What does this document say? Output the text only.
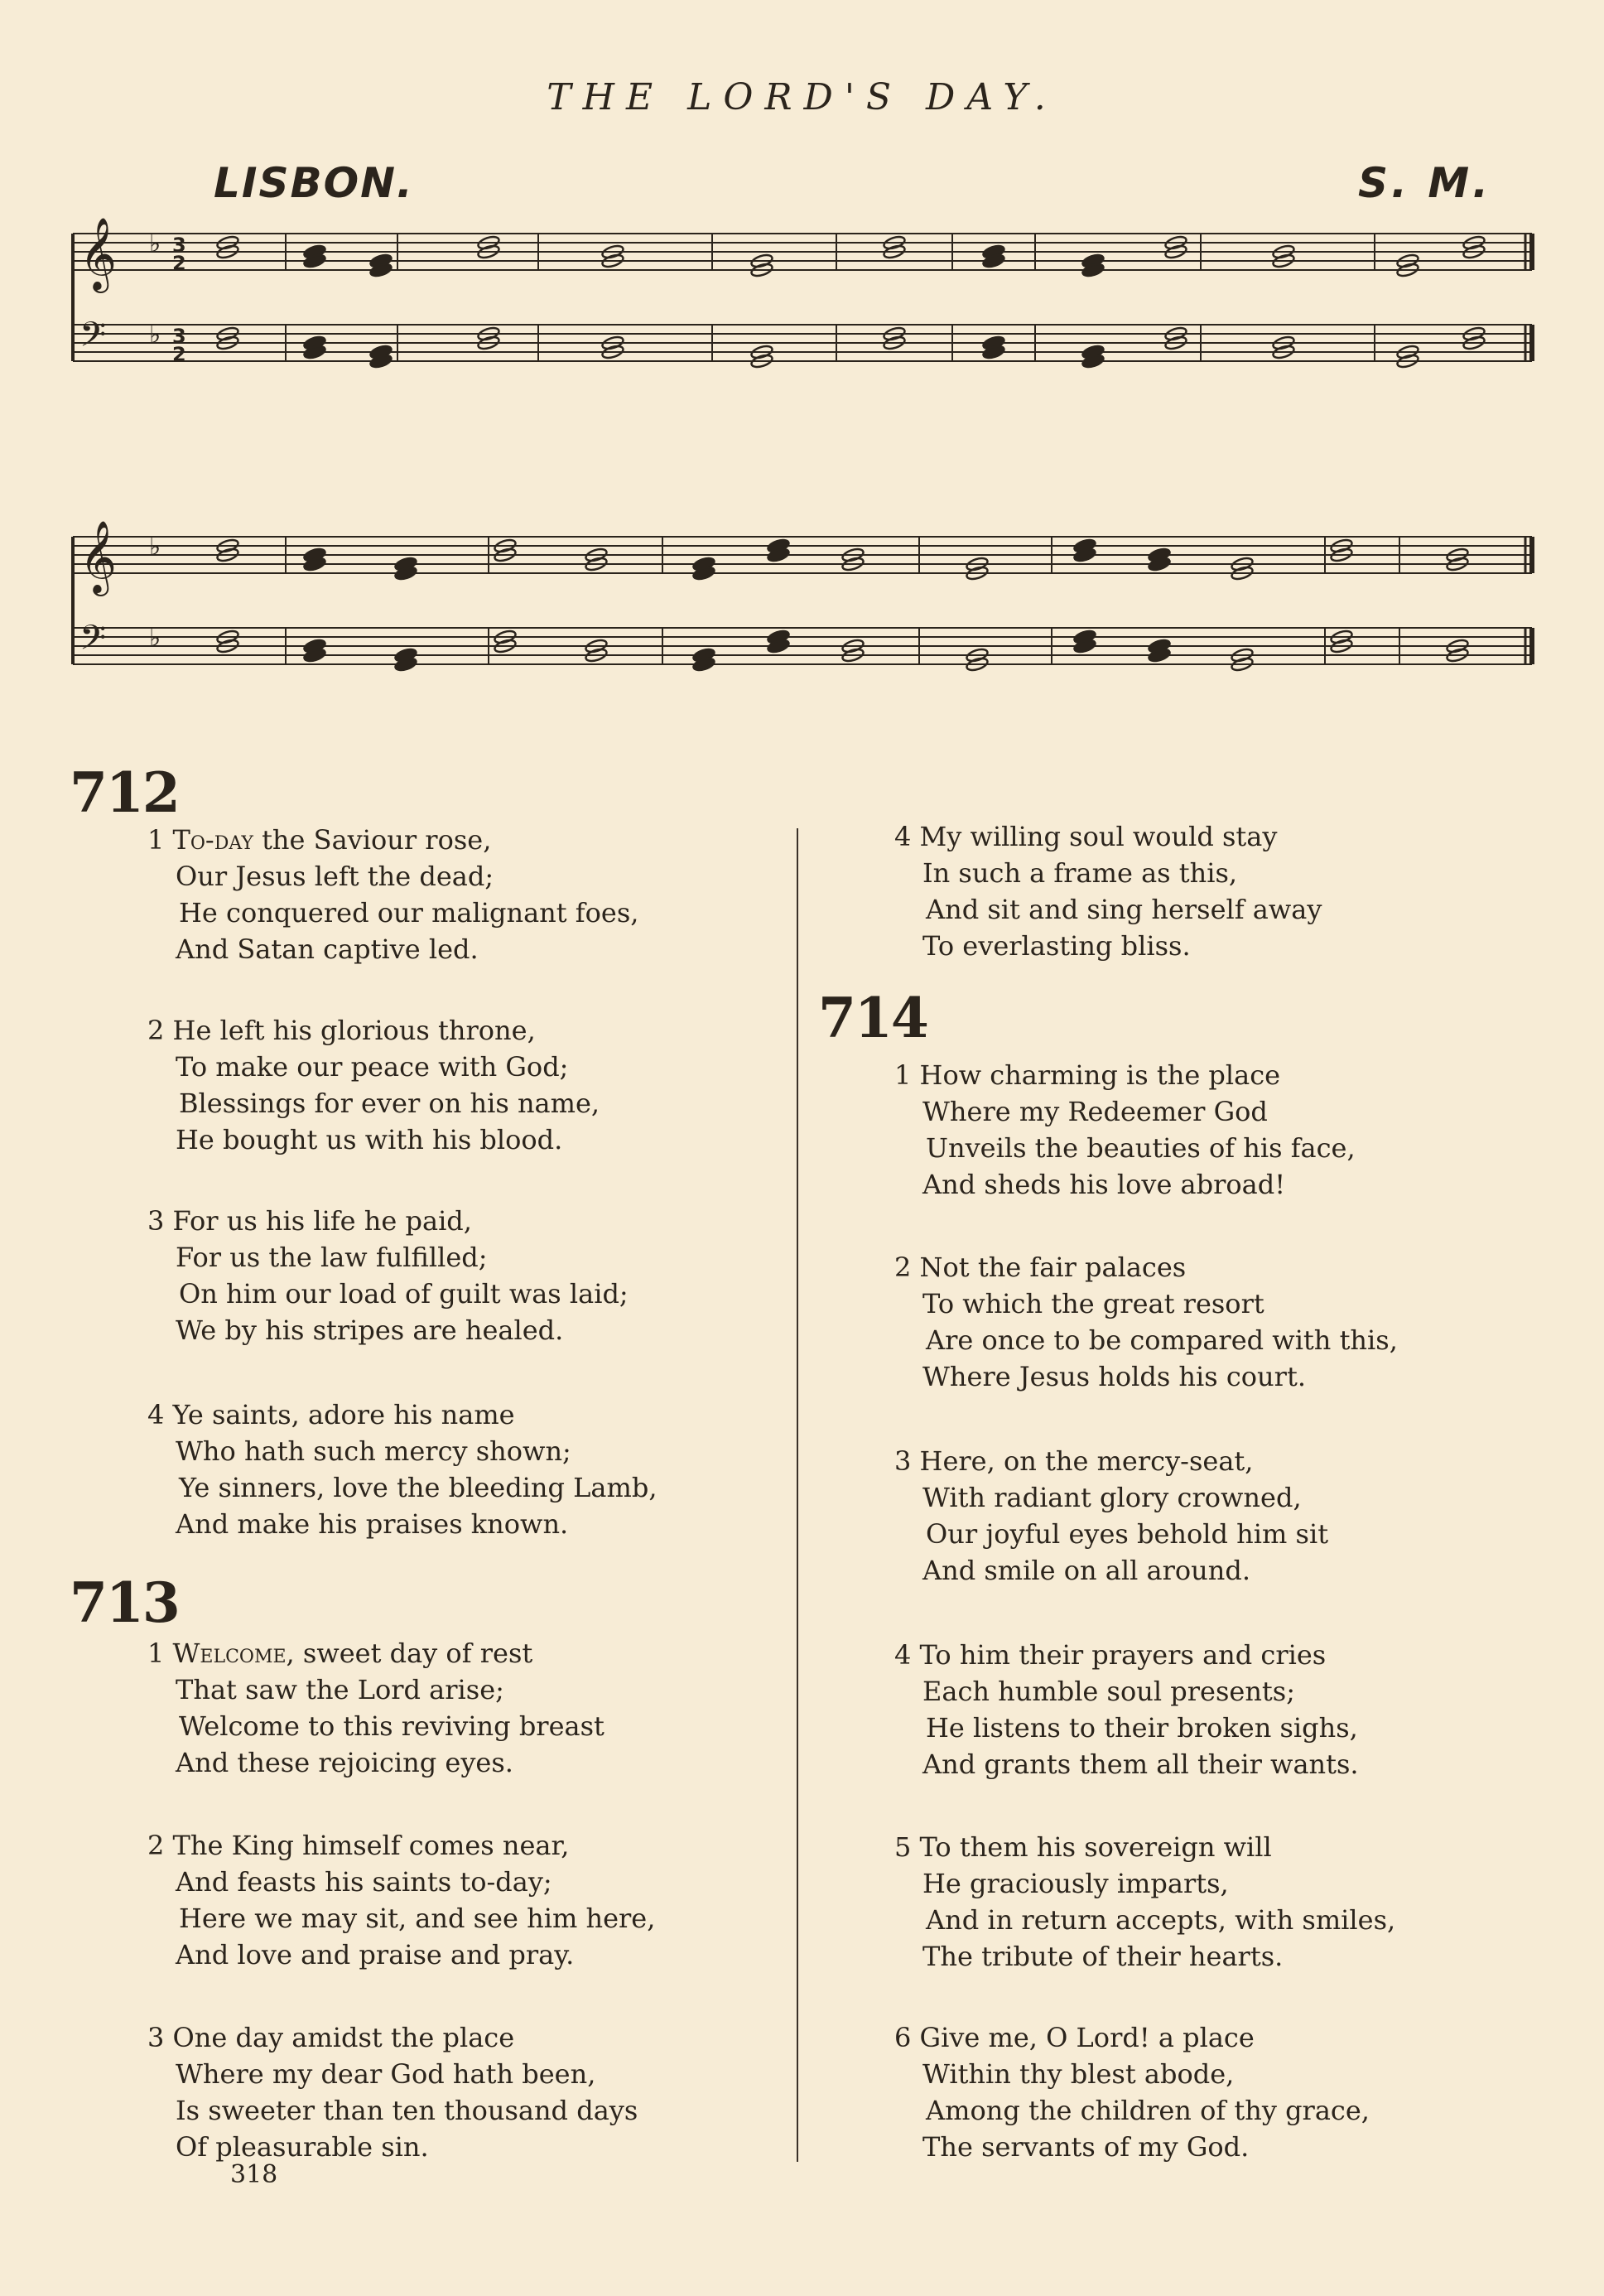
THE LORD'S DAY.
LISBON.	S. M.
𝄞 ♭
𝄢 ♭
3
2
3
2
𝄞 ♭
𝄢 ♭
712
1 To-day the Saviour rose,
Our Jesus left the dead;
He conquered our malignant foes,
And Satan captive led.
2 He left his glorious throne,
To make our peace with God;
Blessings for ever on his name,
He bought us with his blood.
3 For us his life he paid,
For us the law fulfilled;
On him our load of guilt was laid;
We by his stripes are healed.
4 Ye saints, adore his name
Who hath such mercy shown;
Ye sinners, love the bleeding Lamb,
And make his praises known.
713
1 Welcome, sweet day of rest
That saw the Lord arise;
Welcome to this reviving breast
And these rejoicing eyes.
2 The King himself comes near,
And feasts his saints to-day;
Here we may sit, and see him here,
And love and praise and pray.
3 One day amidst the place
Where my dear God hath been,
Is sweeter than ten thousand days
Of pleasurable sin.
4 My willing soul would stay
In such a frame as this,
And sit and sing herself away
To everlasting bliss.
714
1 How charming is the place
Where my Redeemer God
Unveils the beauties of his face,
And sheds his love abroad!
2 Not the fair palaces
To which the great resort
Are once to be compared with this,
Where Jesus holds his court.
3 Here, on the mercy-seat,
With radiant glory crowned,
Our joyful eyes behold him sit
And smile on all around.
4 To him their prayers and cries
Each humble soul presents;
He listens to their broken sighs,
And grants them all their wants.
5 To them his sovereign will
He graciously imparts,
And in return accepts, with smiles,
The tribute of their hearts.
6 Give me, O Lord! a place
Within thy blest abode,
Among the children of thy grace,
The servants of my God.
318
